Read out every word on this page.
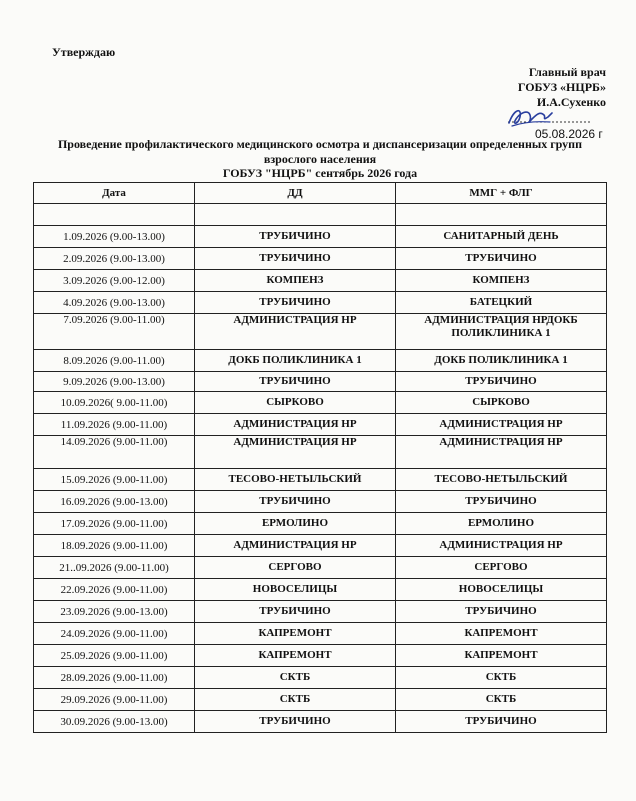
Утверждаю
Главный врач
ГОБУЗ «НЦРБ»
И.А.Сухенко
05.08.2026 г
Проведение профилактического медицинского осмотра и диспансеризации определенных групп
взрослого населения
ГОБУЗ "НЦРБ" сентябрь 2026 года
Дата	ДД	ММГ + ФЛГ

1.09.2026 (9.00-13.00)	ТРУБИЧИНО	САНИТАРНЫЙ ДЕНЬ
2.09.2026 (9.00-13.00)	ТРУБИЧИНО	ТРУБИЧИНО
3.09.2026 (9.00-12.00)	КОМПЕНЗ	КОМПЕНЗ
4.09.2026 (9.00-13.00)	ТРУБИЧИНО	БАТЕЦКИЙ
7.09.2026 (9.00-11.00)	АДМИНИСТРАЦИЯ НР	АДМИНИСТРАЦИЯ НРДОКБ ПОЛИКЛИНИКА 1
8.09.2026 (9.00-11.00)	ДОКБ ПОЛИКЛИНИКА 1	ДОКБ ПОЛИКЛИНИКА 1
9.09.2026 (9.00-13.00)	ТРУБИЧИНО	ТРУБИЧИНО
10.09.2026( 9.00-11.00)	СЫРКОВО	СЫРКОВО
11.09.2026 (9.00-11.00)	АДМИНИСТРАЦИЯ НР	АДМИНИСТРАЦИЯ НР
14.09.2026 (9.00-11.00)	АДМИНИСТРАЦИЯ НР	АДМИНИСТРАЦИЯ НР
15.09.2026 (9.00-11.00)	ТЕСОВО-НЕТЫЛЬСКИЙ	ТЕСОВО-НЕТЫЛЬСКИЙ
16.09.2026 (9.00-13.00)	ТРУБИЧИНО	ТРУБИЧИНО
17.09.2026 (9.00-11.00)	ЕРМОЛИНО	ЕРМОЛИНО
18.09.2026 (9.00-11.00)	АДМИНИСТРАЦИЯ НР	АДМИНИСТРАЦИЯ НР
21..09.2026 (9.00-11.00)	СЕРГОВО	СЕРГОВО
22.09.2026 (9.00-11.00)	НОВОСЕЛИЦЫ	НОВОСЕЛИЦЫ
23.09.2026 (9.00-13.00)	ТРУБИЧИНО	ТРУБИЧИНО
24.09.2026 (9.00-11.00)	КАПРЕМОНТ	КАПРЕМОНТ
25.09.2026 (9.00-11.00)	КАПРЕМОНТ	КАПРЕМОНТ
28.09.2026 (9.00-11.00)	СКТБ	СКТБ
29.09.2026 (9.00-11.00)	СКТБ	СКТБ
30.09.2026 (9.00-13.00)	ТРУБИЧИНО	ТРУБИЧИНО
